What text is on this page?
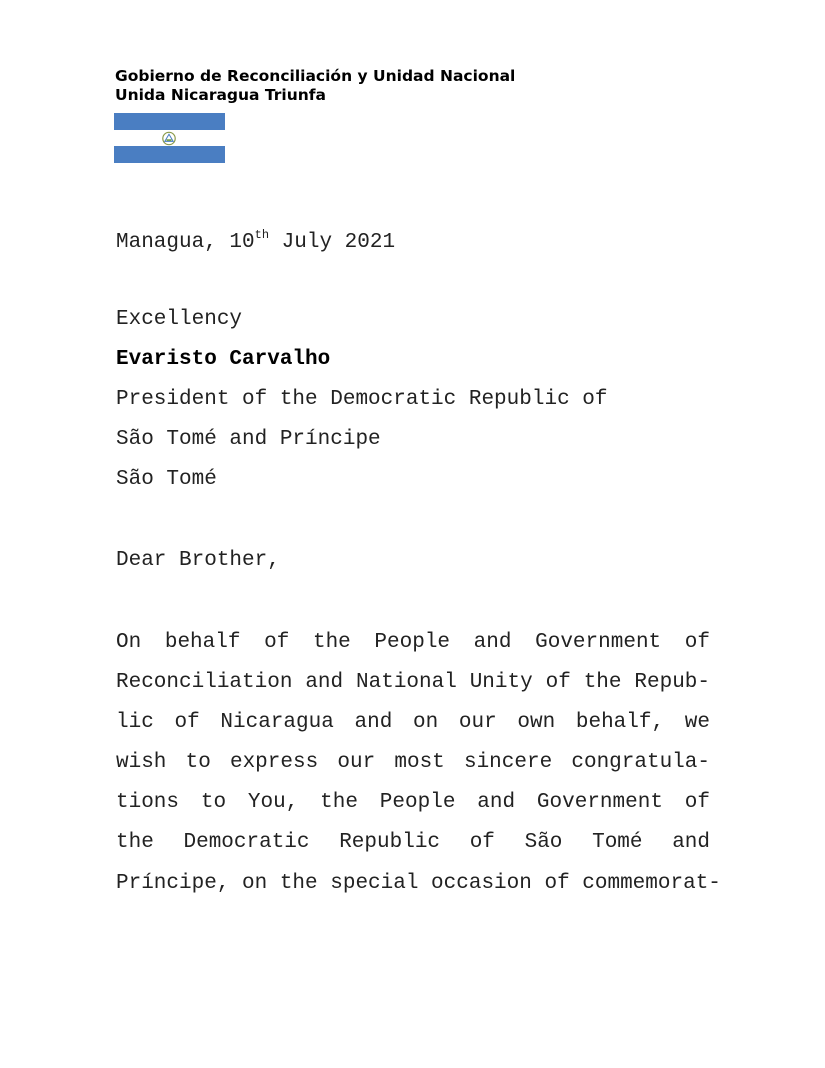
Gobierno de Reconciliación y Unidad Nacional
Unida Nicaragua Triunfa
Managua, 10th July 2021
Excellency
Evaristo Carvalho
President of the Democratic Republic of
São Tomé and Príncipe
São Tomé
Dear Brother,
On behalf of the People and Government of
Reconciliation and National Unity of the Repub-
lic of Nicaragua and on our own behalf, we
wish to express our most sincere congratula-
tions to You, the People and Government of
the Democratic Republic of São Tomé and
Príncipe, on the special occasion of commemorat-
